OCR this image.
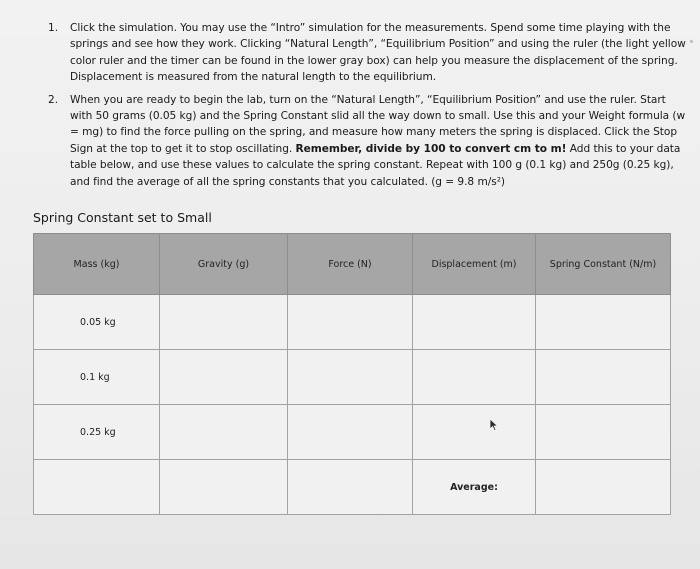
1.	Click the simulation. You may use the “Intro” simulation for the measurements. Spend some time playing with the springs and see how they work. Clicking “Natural Length”, “Equilibrium Position” and using the ruler (the light yellow color ruler and the timer can be found in the lower gray box) can help you measure the displacement of the spring. Displacement is measured from the natural length to the equilibrium.
2.	When you are ready to begin the lab, turn on the “Natural Length”, “Equilibrium Position” and use the ruler. Start with 50 grams (0.05 kg) and the Spring Constant slid all the way down to small. Use this and your Weight formula (w = mg) to find the force pulling on the spring, and measure how many meters the spring is displaced. Click the Stop Sign at the top to get it to stop oscillating. Remember, divide by 100 to convert cm to m! Add this to your data table below, and use these values to calculate the spring constant. Repeat with 100 g (0.1 kg) and 250g (0.25 kg), and find the average of all the spring constants that you calculated. (g = 9.8 m/s²)
Spring Constant set to Small
Mass (kg)	Gravity (g)	Force (N)	Displacement (m)	Spring Constant (N/m)
0.05 kg				
0.1 kg				
0.25 kg				
			Average:	
